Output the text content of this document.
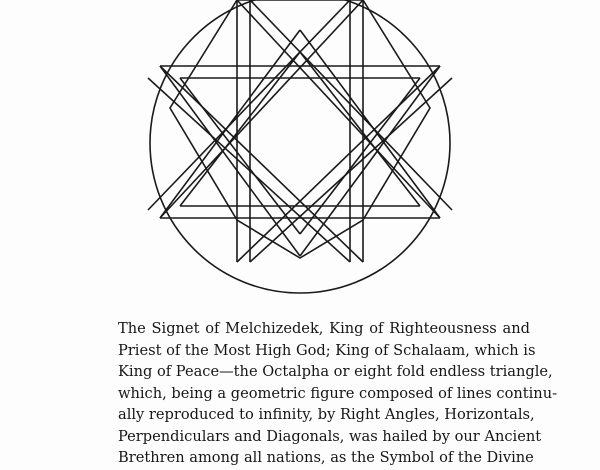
The Signet of Melchizedek, King of Righteousness and
Priest of the Most High God; King of Schalaam, which is
King of Peace—the Octalpha or eight fold endless triangle,
which, being a geometric figure composed of lines continu-
ally reproduced to infinity, by Right Angles, Horizontals,
Perpendiculars and Diagonals, was hailed by our Ancient
Brethren among all nations, as the Symbol of the Divine
